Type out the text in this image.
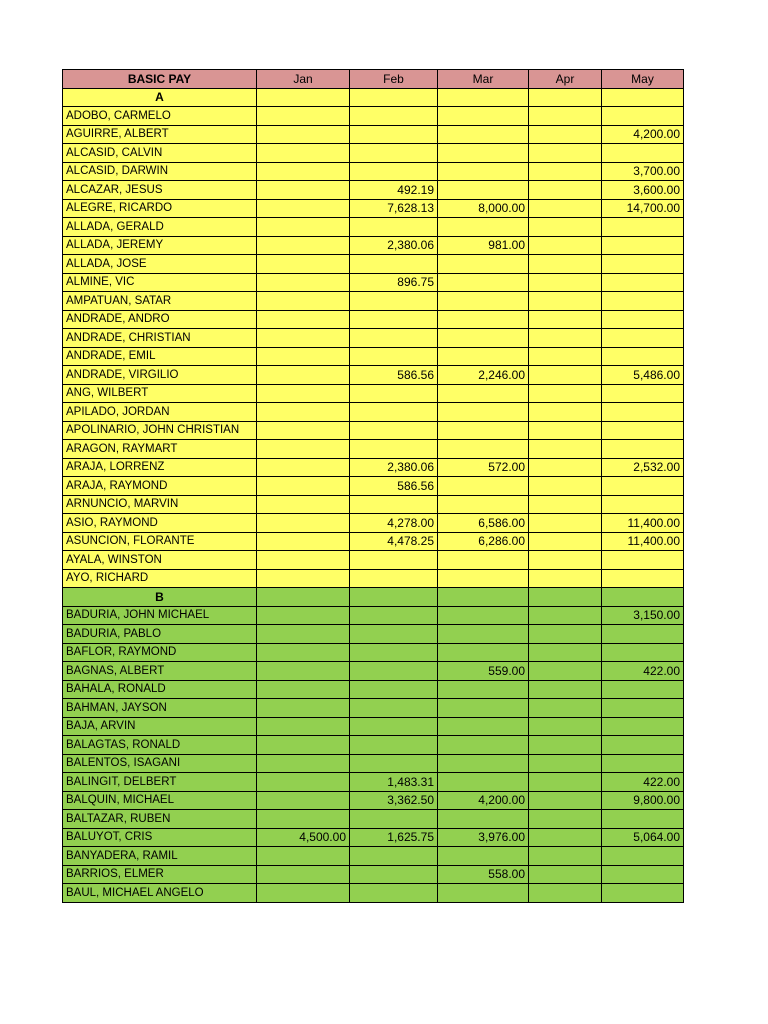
BASIC PAY	Jan	Feb	Mar	Apr	May
A					
ADOBO, CARMELO					
AGUIRRE, ALBERT					4,200.00
ALCASID, CALVIN					
ALCASID, DARWIN					3,700.00
ALCAZAR, JESUS		492.19			3,600.00
ALEGRE, RICARDO		7,628.13	8,000.00		14,700.00
ALLADA, GERALD					
ALLADA, JEREMY		2,380.06	981.00		
ALLADA, JOSE					
ALMINE, VIC		896.75			
AMPATUAN, SATAR					
ANDRADE, ANDRO					
ANDRADE, CHRISTIAN					
ANDRADE, EMIL					
ANDRADE, VIRGILIO		586.56	2,246.00		5,486.00
ANG, WILBERT					
APILADO, JORDAN					
APOLINARIO, JOHN CHRISTIAN					
ARAGON, RAYMART					
ARAJA, LORRENZ		2,380.06	572.00		2,532.00
ARAJA, RAYMOND		586.56			
ARNUNCIO, MARVIN					
ASIO, RAYMOND		4,278.00	6,586.00		11,400.00
ASUNCION, FLORANTE		4,478.25	6,286.00		11,400.00
AYALA, WINSTON					
AYO, RICHARD					
B					
BADURIA, JOHN MICHAEL					3,150.00
BADURIA, PABLO					
BAFLOR, RAYMOND					
BAGNAS, ALBERT			559.00		422.00
BAHALA, RONALD					
BAHMAN, JAYSON					
BAJA, ARVIN					
BALAGTAS, RONALD					
BALENTOS, ISAGANI					
BALINGIT, DELBERT		1,483.31			422.00
BALQUIN, MICHAEL		3,362.50	4,200.00		9,800.00
BALTAZAR, RUBEN					
BALUYOT, CRIS	4,500.00	1,625.75	3,976.00		5,064.00
BANYADERA, RAMIL					
BARRIOS, ELMER			558.00		
BAUL, MICHAEL ANGELO					
